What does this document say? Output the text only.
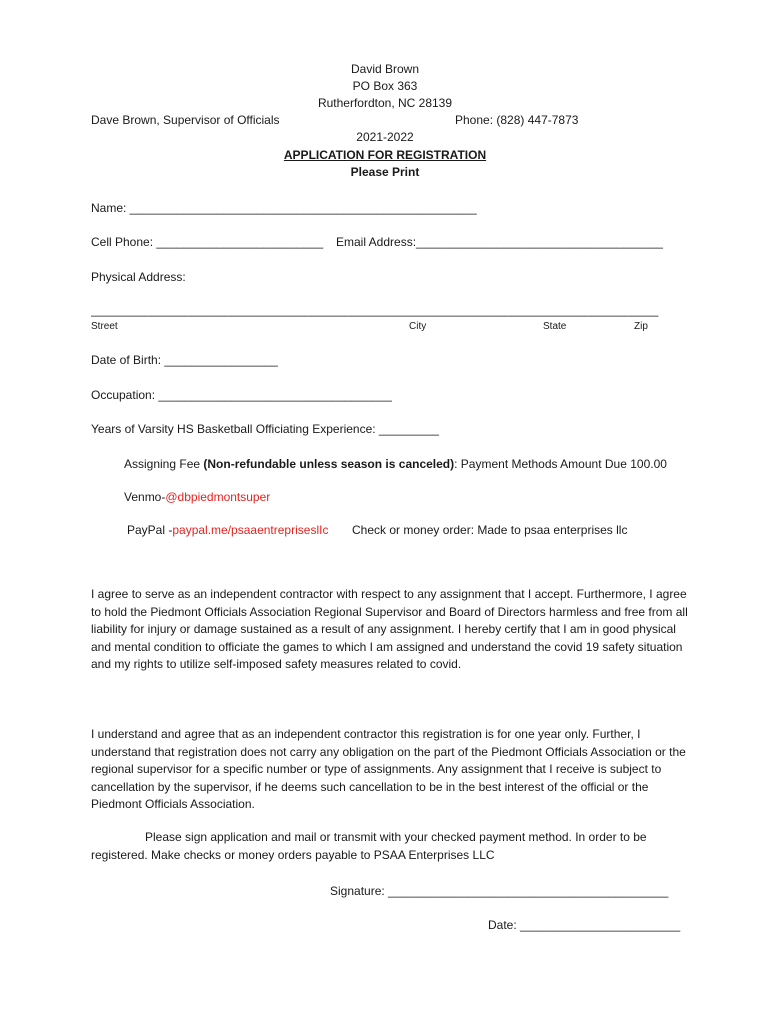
David Brown
PO Box 363
Rutherfordton, NC 28139
Dave Brown, Supervisor of Officials	Phone: (828) 447-7873
2021-2022
APPLICATION FOR REGISTRATION
Please Print
Name: ____________________________________________________
Cell Phone: _________________________ Email Address:_____________________________________
Physical Address:
_____________________________________________________________________________________
Street	City	State	Zip
Date of Birth: _________________
Occupation: ___________________________________
Years of Varsity HS Basketball Officiating Experience: _________
Assigning Fee (Non-refundable unless season is canceled): Payment Methods Amount Due 100.00
Venmo-@dbpiedmontsuper
PayPal -paypal.me/psaaentrepriseslIc Check or money order: Made to psaa enterprises llc
I agree to serve as an independent contractor with respect to any assignment that I accept. Furthermore, I agree to hold the Piedmont Officials Association Regional Supervisor and Board of Directors harmless and free from all liability for injury or damage sustained as a result of any assignment. I hereby certify that I am in good physical and mental condition to officiate the games to which I am assigned and understand the covid 19 safety situation and my rights to utilize self-imposed safety measures related to covid.
I understand and agree that as an independent contractor this registration is for one year only. Further, I understand that registration does not carry any obligation on the part of the Piedmont Officials Association or the regional supervisor for a specific number or type of assignments. Any assignment that I receive is subject to cancellation by the supervisor, if he deems such cancellation to be in the best interest of the official or the Piedmont Officials Association.
Please sign application and mail or transmit with your checked payment method. In order to be registered. Make checks or money orders payable to PSAA Enterprises LLC
Signature: __________________________________________
Date: ________________________
